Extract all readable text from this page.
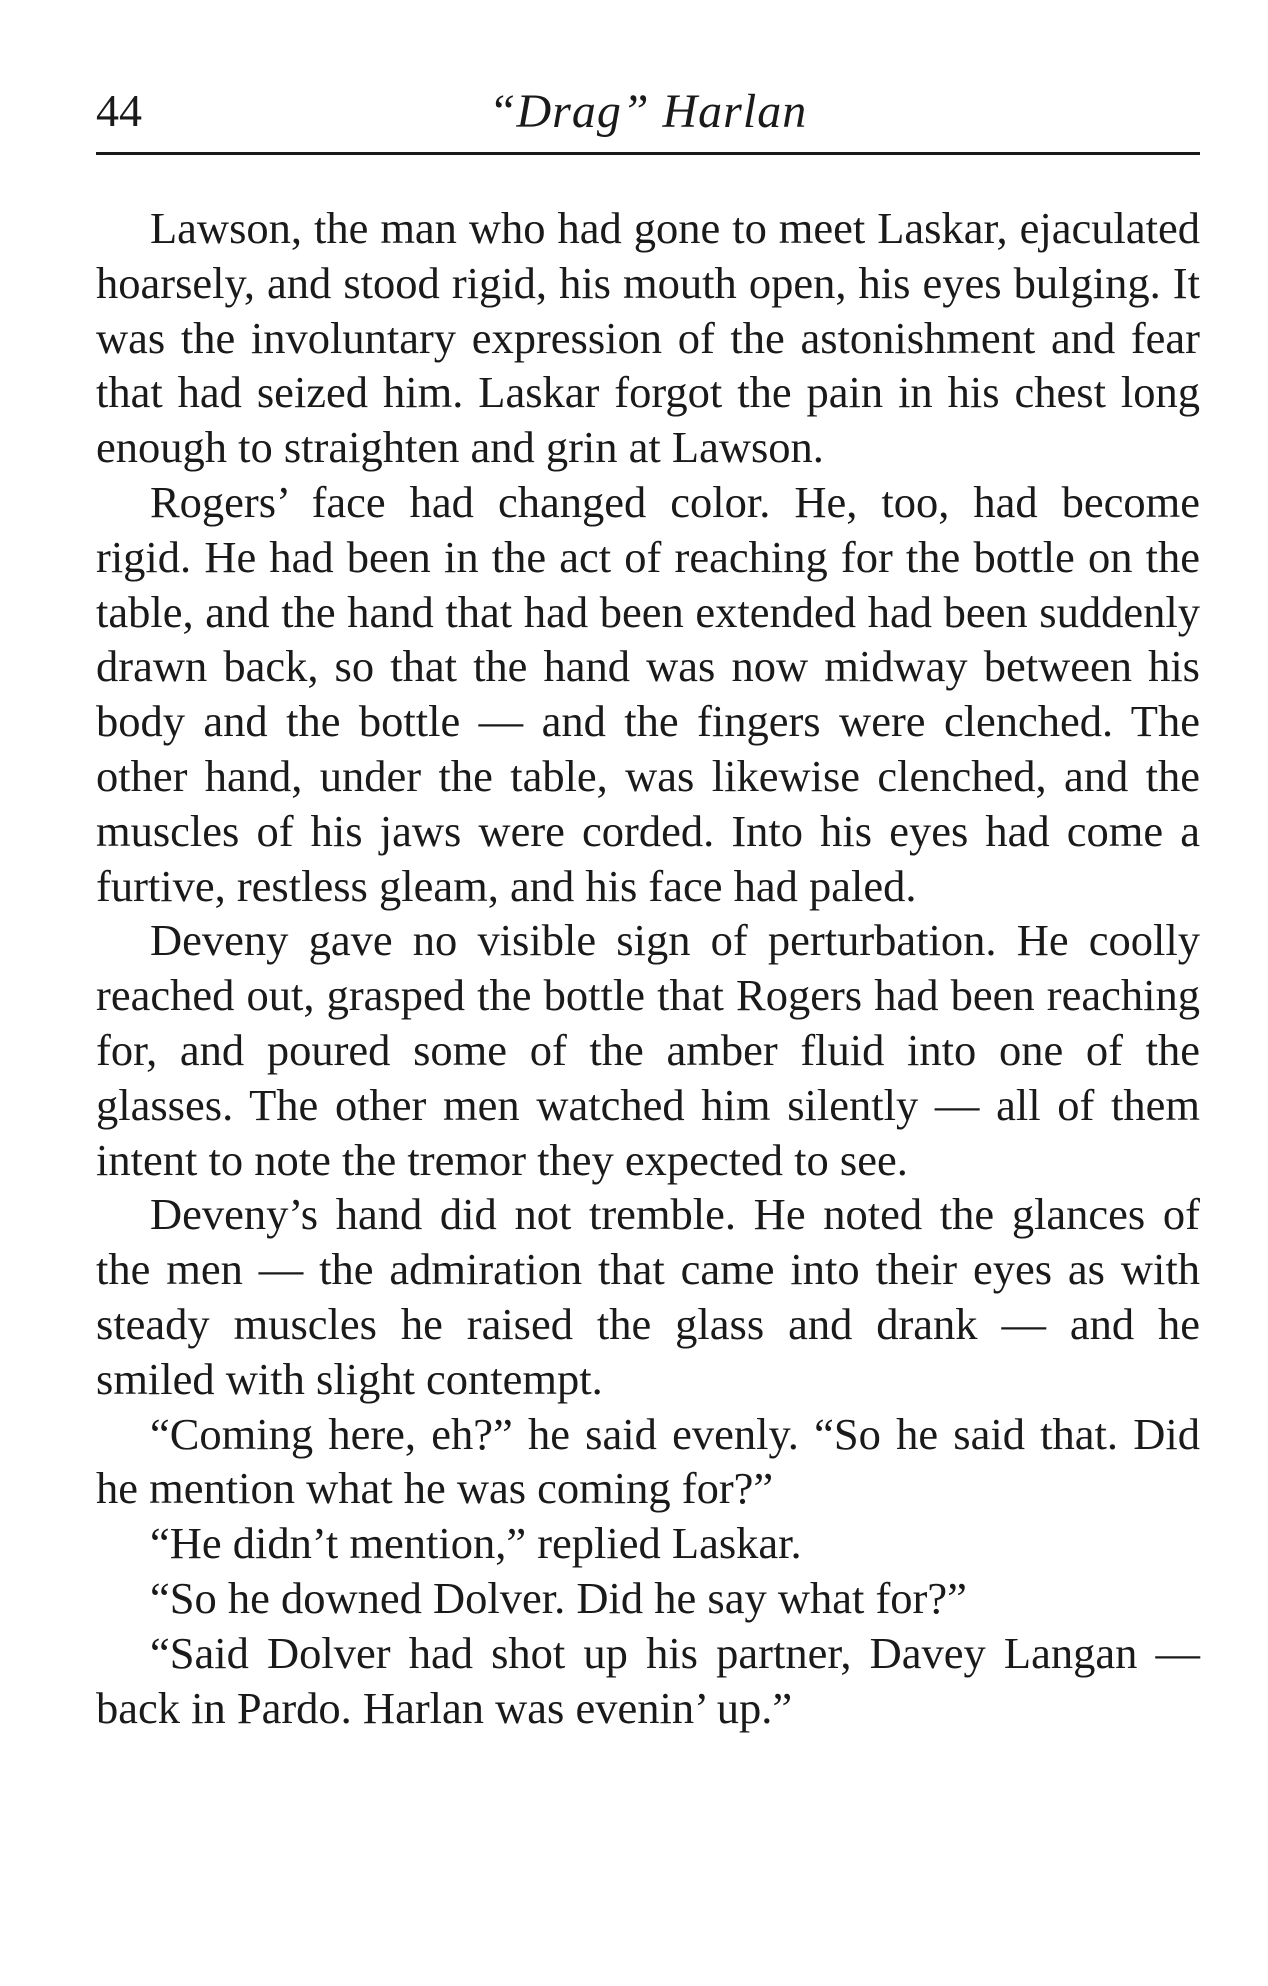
44	“Drag” Harlan

Lawson, the man who had gone to meet Laskar, ejaculated hoarsely, and stood rigid, his mouth open, his eyes bulging. It was the involuntary expression of the astonishment and fear that had seized him. Laskar forgot the pain in his chest long enough to straighten and grin at Lawson.

Rogers’ face had changed color. He, too, had become rigid. He had been in the act of reaching for the bottle on the table, and the hand that had been extended had been suddenly drawn back, so that the hand was now midway between his body and the bottle — and the fingers were clenched. The other hand, under the table, was likewise clenched, and the muscles of his jaws were corded. Into his eyes had come a furtive, restless gleam, and his face had paled.

Deveny gave no visible sign of perturbation. He coolly reached out, grasped the bottle that Rogers had been reaching for, and poured some of the amber fluid into one of the glasses. The other men watched him silently — all of them intent to note the tremor they expected to see.

Deveny’s hand did not tremble. He noted the glances of the men — the admiration that came into their eyes as with steady muscles he raised the glass and drank — and he smiled with slight contempt.

“Coming here, eh?” he said evenly. “So he said that. Did he mention what he was coming for?”

“He didn’t mention,” replied Laskar.

“So he downed Dolver. Did he say what for?”

“Said Dolver had shot up his partner, Davey Langan — back in Pardo. Harlan was evenin’ up.”
